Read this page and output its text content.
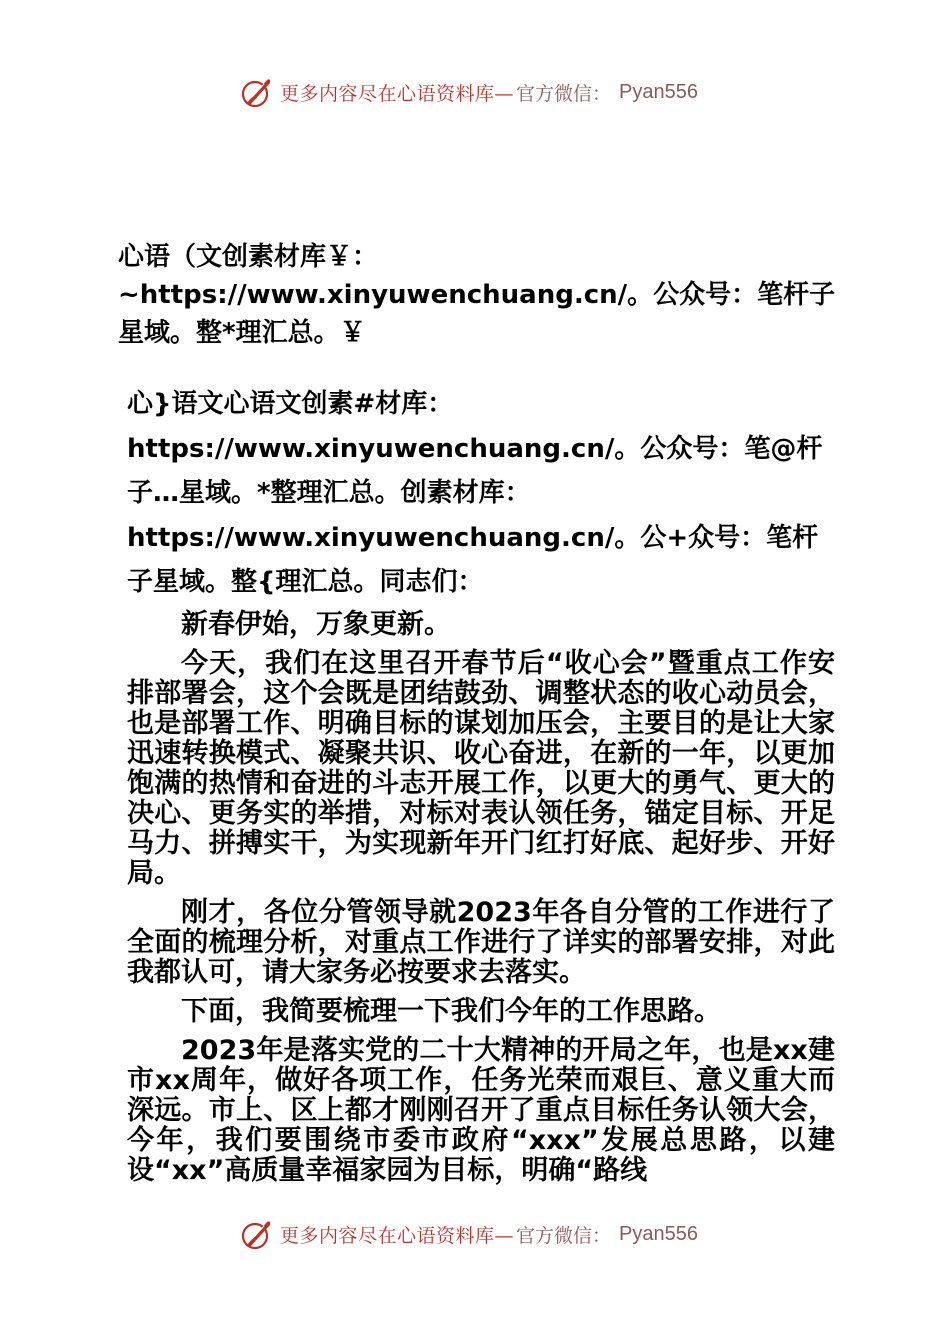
更多内容尽在心语资料库— 官方微信： Pyan556

心语（文创素材库￥：~https://www.xinyuwenchuang.cn/。公众号：笔杆子星域。整*理汇总。￥

心}语文心语文创素#材库：https://www.xinyuwenchuang.cn/。公众号：笔@杆子…星域。*整理汇总。创素材库：https://www.xinyuwenchuang.cn/。公+众号：笔杆子星域。整{理汇总。同志们：

新春伊始，万象更新。

今天，我们在这里召开春节后“收心会”暨重点工作安排部署会，这个会既是团结鼓劲、调整状态的收心动员会，也是部署工作、明确目标的谋划加压会，主要目的是让大家迅速转换模式、凝聚共识、收心奋进，在新的一年，以更加饱满的热情和奋进的斗志开展工作，以更大的勇气、更大的决心、更务实的举措，对标对表认领任务，锚定目标、开足马力、拼搏实干，为实现新年开门红打好底、起好步、开好局。

刚才，各位分管领导就2023年各自分管的工作进行了全面的梳理分析，对重点工作进行了详实的部署安排，对此我都认可，请大家务必按要求去落实。

下面，我简要梳理一下我们今年的工作思路。

2023年是落实党的二十大精神的开局之年，也是xx建市xx周年，做好各项工作，任务光荣而艰巨、意义重大而深远。市上、区上都才刚刚召开了重点目标任务认领大会，今年，我们要围绕市委市政府“xxx”发展总思路，以建设“xx”高质量幸福家园为目标，明确“路线

更多内容尽在心语资料库— 官方微信： Pyan556
